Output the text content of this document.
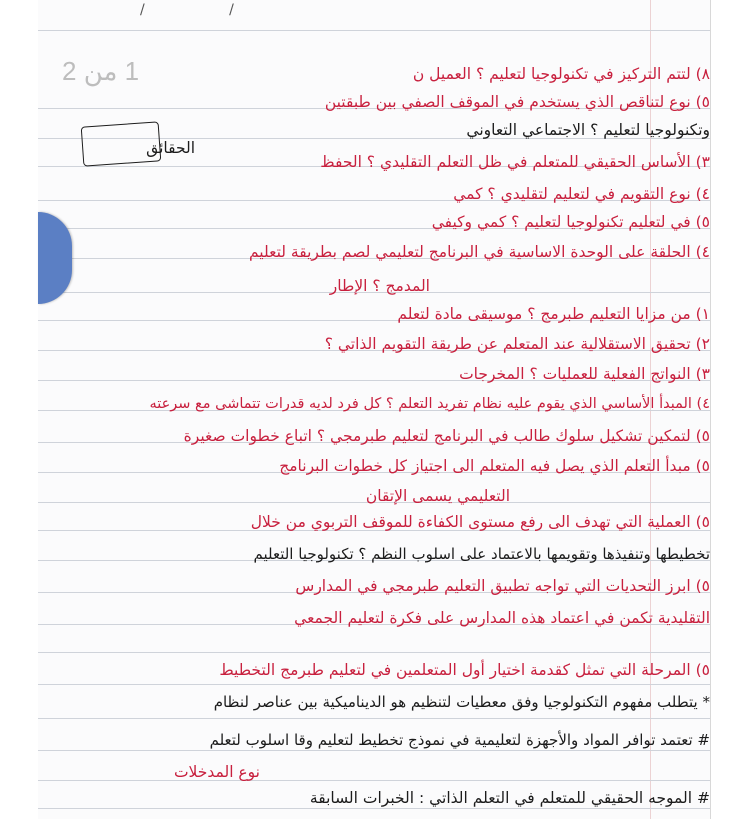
/ /
1 من 2	٨) لتتم التركيز في تكنولوجيا لتعليم ؟ العميل ن
٥) نوع لتناقص الذي يستخدم في الموقف الصفي بين طبقتين
وتكنولوجيا لتعليم ؟ الاجتماعي التعاوني
الحقائق
٣) الأساس الحقيقي للمتعلم في ظل التعلم التقليدي ؟ الحفظ
٤) نوع التقويم في لتعليم لتقليدي ؟ كمي
٥) في لتعليم تكنولوجيا لتعليم ؟ كمي وكيفي
٤) الحلقة على الوحدة الاساسية في البرنامج لتعليمي لصم بطريقة لتعليم
المدمج ؟ الإطار
١) من مزايا التعليم طبرمج ؟ موسيقى مادة لتعلم
٢) تحقيق الاستقلالية عند المتعلم عن طريقة التقويم الذاتي ؟
٣) النواتج الفعلية للعمليات ؟ المخرجات
٤) المبدأ الأساسي الذي يقوم عليه نظام تفريد التعلم ؟ كل فرد لديه قدرات تتماشى مع سرعته
٥) لتمكين تشكيل سلوك طالب في البرنامج لتعليم طبرمجي ؟ اتباع خطوات صغيرة
٥) مبدأ التعلم الذي يصل فيه المتعلم الى اجتياز كل خطوات البرنامج
التعليمي يسمى الإتقان
٥) العملية التي تهدف الى رفع مستوى الكفاءة للموقف التربوي من خلال
تخطيطها وتنفيذها وتقويمها بالاعتماد على اسلوب النظم ؟ تكنولوجيا التعليم
٥) ابرز التحديات التي تواجه تطبيق التعليم طبرمجي في المدارس
التقليدية تكمن في اعتماد هذه المدارس على فكرة لتعليم الجمعي
٥) المرحلة التي تمثل كقدمة اختيار أول المتعلمين في لتعليم طبرمج التخطيط
* يتطلب مفهوم التكنولوجيا وفق معطيات لتنظيم هو الديناميكية بين عناصر لنظام
# تعتمد توافر المواد والأجهزة لتعليمية في نموذج تخطيط لتعليم وقا اسلوب لتعلم
نوع المدخلات
# الموجه الحقيقي للمتعلم في التعلم الذاتي : الخبرات السابقة
